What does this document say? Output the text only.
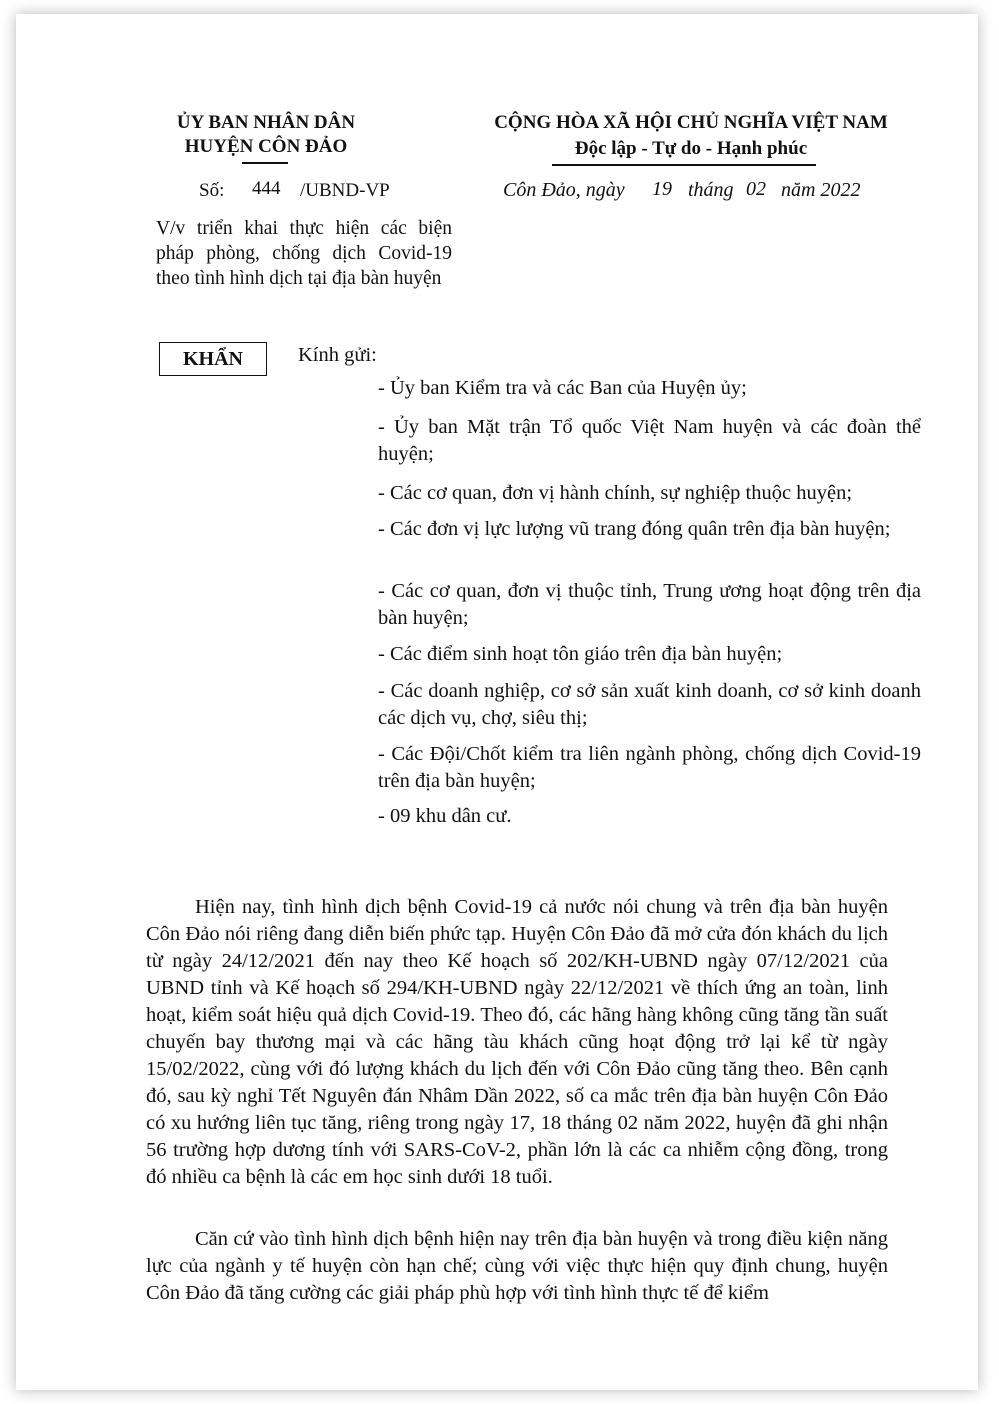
ỦY BAN NHÂN DÂN
HUYỆN CÔN ĐẢO
Số: 444 /UBND-VP
V/v triển khai thực hiện các biện pháp phòng, chống dịch Covid-19 theo tình hình dịch tại địa bàn huyện
CỘNG HÒA XÃ HỘI CHỦ NGHĨA VIỆT NAM
Độc lập - Tự do - Hạnh phúc
Côn Đảo, ngày 19 tháng 02 năm 2022
KHẨN	Kính gửi:
- Ủy ban Kiểm tra và các Ban của Huyện ủy;
- Ủy ban Mặt trận Tổ quốc Việt Nam huyện và các đoàn thể huyện;
- Các cơ quan, đơn vị hành chính, sự nghiệp thuộc huyện;
- Các đơn vị lực lượng vũ trang đóng quân trên địa bàn huyện;
- Các cơ quan, đơn vị thuộc tỉnh, Trung ương hoạt động trên địa bàn huyện;
- Các điểm sinh hoạt tôn giáo trên địa bàn huyện;
- Các doanh nghiệp, cơ sở sản xuất kinh doanh, cơ sở kinh doanh các dịch vụ, chợ, siêu thị;
- Các Đội/Chốt kiểm tra liên ngành phòng, chống dịch Covid-19 trên địa bàn huyện;
- 09 khu dân cư.
Hiện nay, tình hình dịch bệnh Covid-19 cả nước nói chung và trên địa bàn huyện Côn Đảo nói riêng đang diễn biến phức tạp. Huyện Côn Đảo đã mở cửa đón khách du lịch từ ngày 24/12/2021 đến nay theo Kế hoạch số 202/KH-UBND ngày 07/12/2021 của UBND tỉnh và Kế hoạch số 294/KH-UBND ngày 22/12/2021 về thích ứng an toàn, linh hoạt, kiểm soát hiệu quả dịch Covid-19. Theo đó, các hãng hàng không cũng tăng tần suất chuyến bay thương mại và các hãng tàu khách cũng hoạt động trở lại kể từ ngày 15/02/2022, cùng với đó lượng khách du lịch đến với Côn Đảo cũng tăng theo. Bên cạnh đó, sau kỳ nghỉ Tết Nguyên đán Nhâm Dần 2022, số ca mắc trên địa bàn huyện Côn Đảo có xu hướng liên tục tăng, riêng trong ngày 17, 18 tháng 02 năm 2022, huyện đã ghi nhận 56 trường hợp dương tính với SARS-CoV-2, phần lớn là các ca nhiễm cộng đồng, trong đó nhiều ca bệnh là các em học sinh dưới 18 tuổi.
Căn cứ vào tình hình dịch bệnh hiện nay trên địa bàn huyện và trong điều kiện năng lực của ngành y tế huyện còn hạn chế; cùng với việc thực hiện quy định chung, huyện Côn Đảo đã tăng cường các giải pháp phù hợp với tình hình thực tế để kiểm
